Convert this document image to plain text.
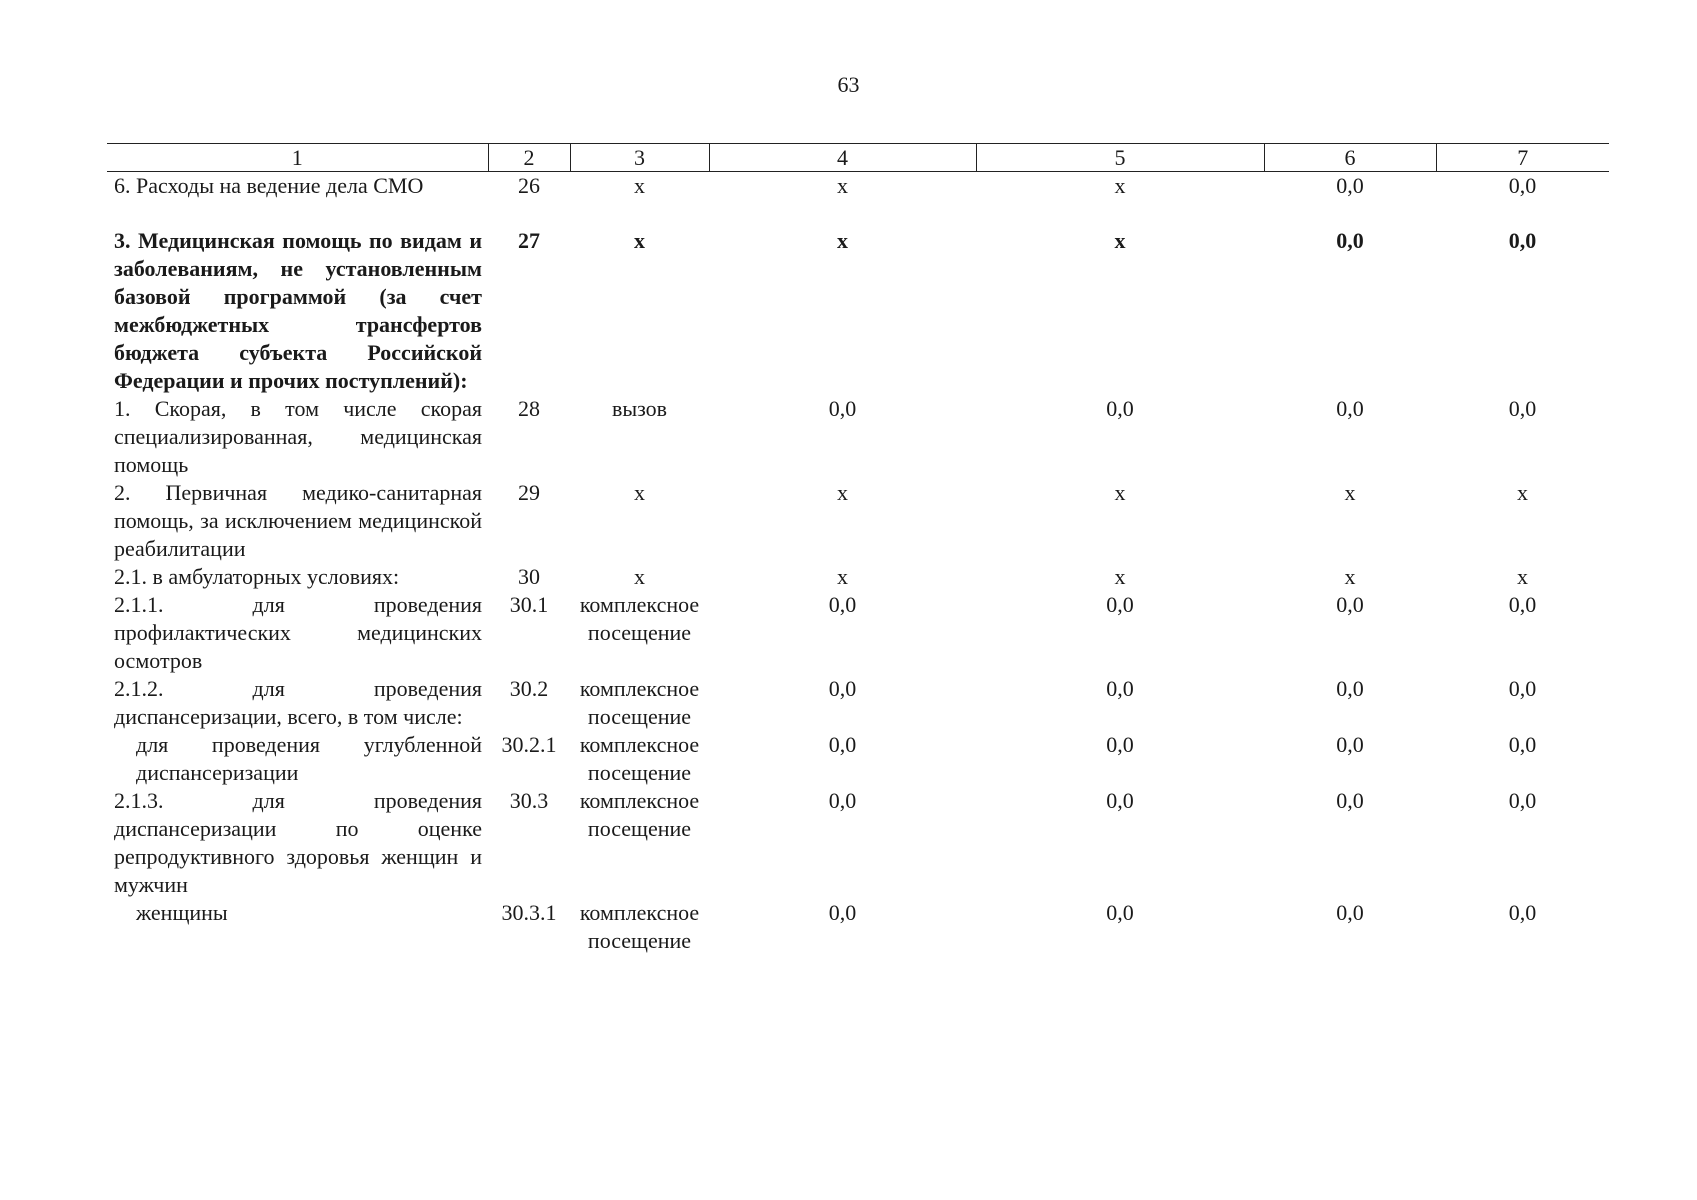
63
1	2	3	4	5	6	7
6. Расходы на ведение дела СМО	26	х	х	х	0,0	0,0
3. Медицинская помощь по видам и заболеваниям, не установленным базовой программой (за счет межбюджетных трансфертов бюджета субъекта Российской Федерации и прочих поступлений):	27	х	х	х	0,0	0,0
1. Скорая, в том числе скорая специализированная, медицинская помощь	28	вызов	0,0	0,0	0,0	0,0
2. Первичная медико-санитарная помощь, за исключением медицинской реабилитации	29	х	х	х	х	х
2.1. в амбулаторных условиях:	30	х	х	х	х	х
2.1.1. для проведения профилактических медицинских осмотров	30.1	комплексное посещение	0,0	0,0	0,0	0,0
2.1.2. для проведения диспансеризации, всего, в том числе:	30.2	комплексное посещение	0,0	0,0	0,0	0,0
для проведения углубленной диспансеризации	30.2.1	комплексное посещение	0,0	0,0	0,0	0,0
2.1.3. для проведения диспансеризации по оценке репродуктивного здоровья женщин и мужчин	30.3	комплексное посещение	0,0	0,0	0,0	0,0
женщины	30.3.1	комплексное посещение	0,0	0,0	0,0	0,0
